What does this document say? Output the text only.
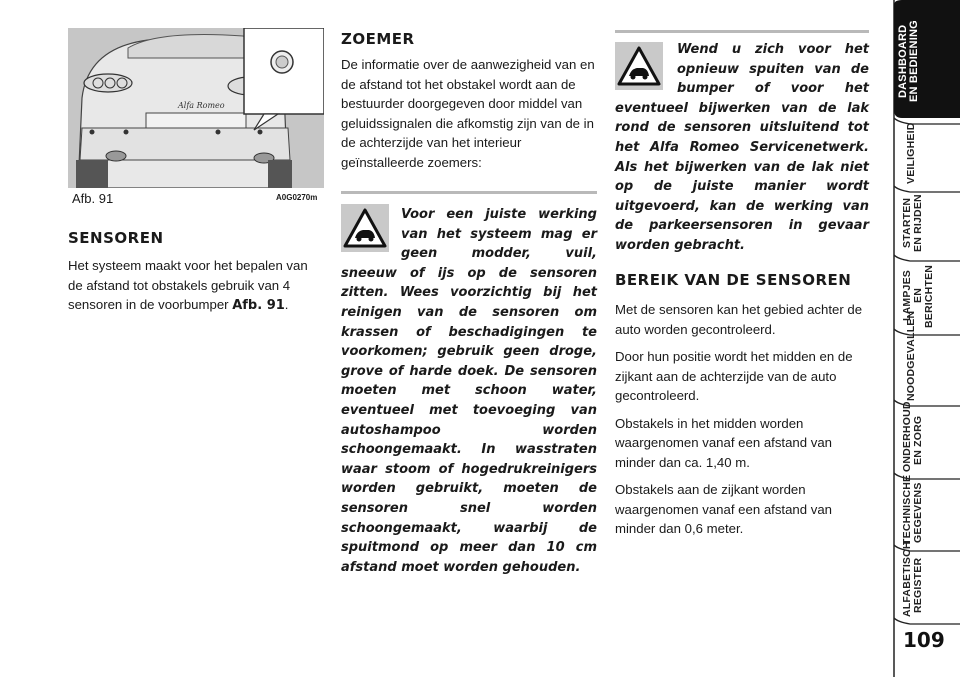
Alfa Romeo
Afb. 91	A0G0270m
SENSOREN
Het systeem maakt voor het bepalen van de afstand tot obstakels gebruik van 4 sensoren in de voorbumper Afb. 91.
ZOEMER
De informatie over de aanwezigheid van en de afstand tot het obstakel wordt aan de bestuurder doorgegeven door middel van geluidssignalen die afkomstig zijn van de in de achterzijde van het interieur geïnstalleerde zoemers:
Voor een juiste werking van het systeem mag er geen modder, vuil, sneeuw of ijs op de sensoren zitten. Wees voorzichtig bij het reinigen van de sensoren om krassen of beschadigingen te voorkomen; gebruik geen droge, grove of harde doek. De sensoren moeten met schoon water, eventueel met toevoeging van autoshampoo worden schoongemaakt. In wasstraten waar stoom of hogedrukreinigers worden gebruikt, moeten de sensoren snel worden schoongemaakt, waarbij de spuitmond op meer dan 10 cm afstand moet worden gehouden.
Wend u zich voor het opnieuw spuiten van de bumper of voor het eventueel bijwerken van de lak rond de sensoren uitsluitend tot het Alfa Romeo Servicenetwerk. Als het bijwerken van de lak niet op de juiste manier wordt uitgevoerd, kan de werking van de parkeersensoren in gevaar worden gebracht.
BEREIK VAN DE SENSOREN

Met de sensoren kan het gebied achter de auto worden gecontroleerd.

Door hun positie wordt het midden en de zijkant aan de achterzijde van de auto gecontroleerd.

Obstakels in het midden worden waargenomen vanaf een afstand van minder dan ca. 1,40 m.

Obstakels aan de zijkant worden waargenomen vanaf een afstand van minder dan 0,6 meter.

DASHBOARD
EN BEDIENING
VEILIGHEID
STARTEN
EN RIJDEN
LAMPJES
EN BERICHTEN
NOODGEVALLEN
ONDERHOUD
EN ZORG
TECHNISCHE
GEGEVENS
ALFABETISCH
REGISTER
109
